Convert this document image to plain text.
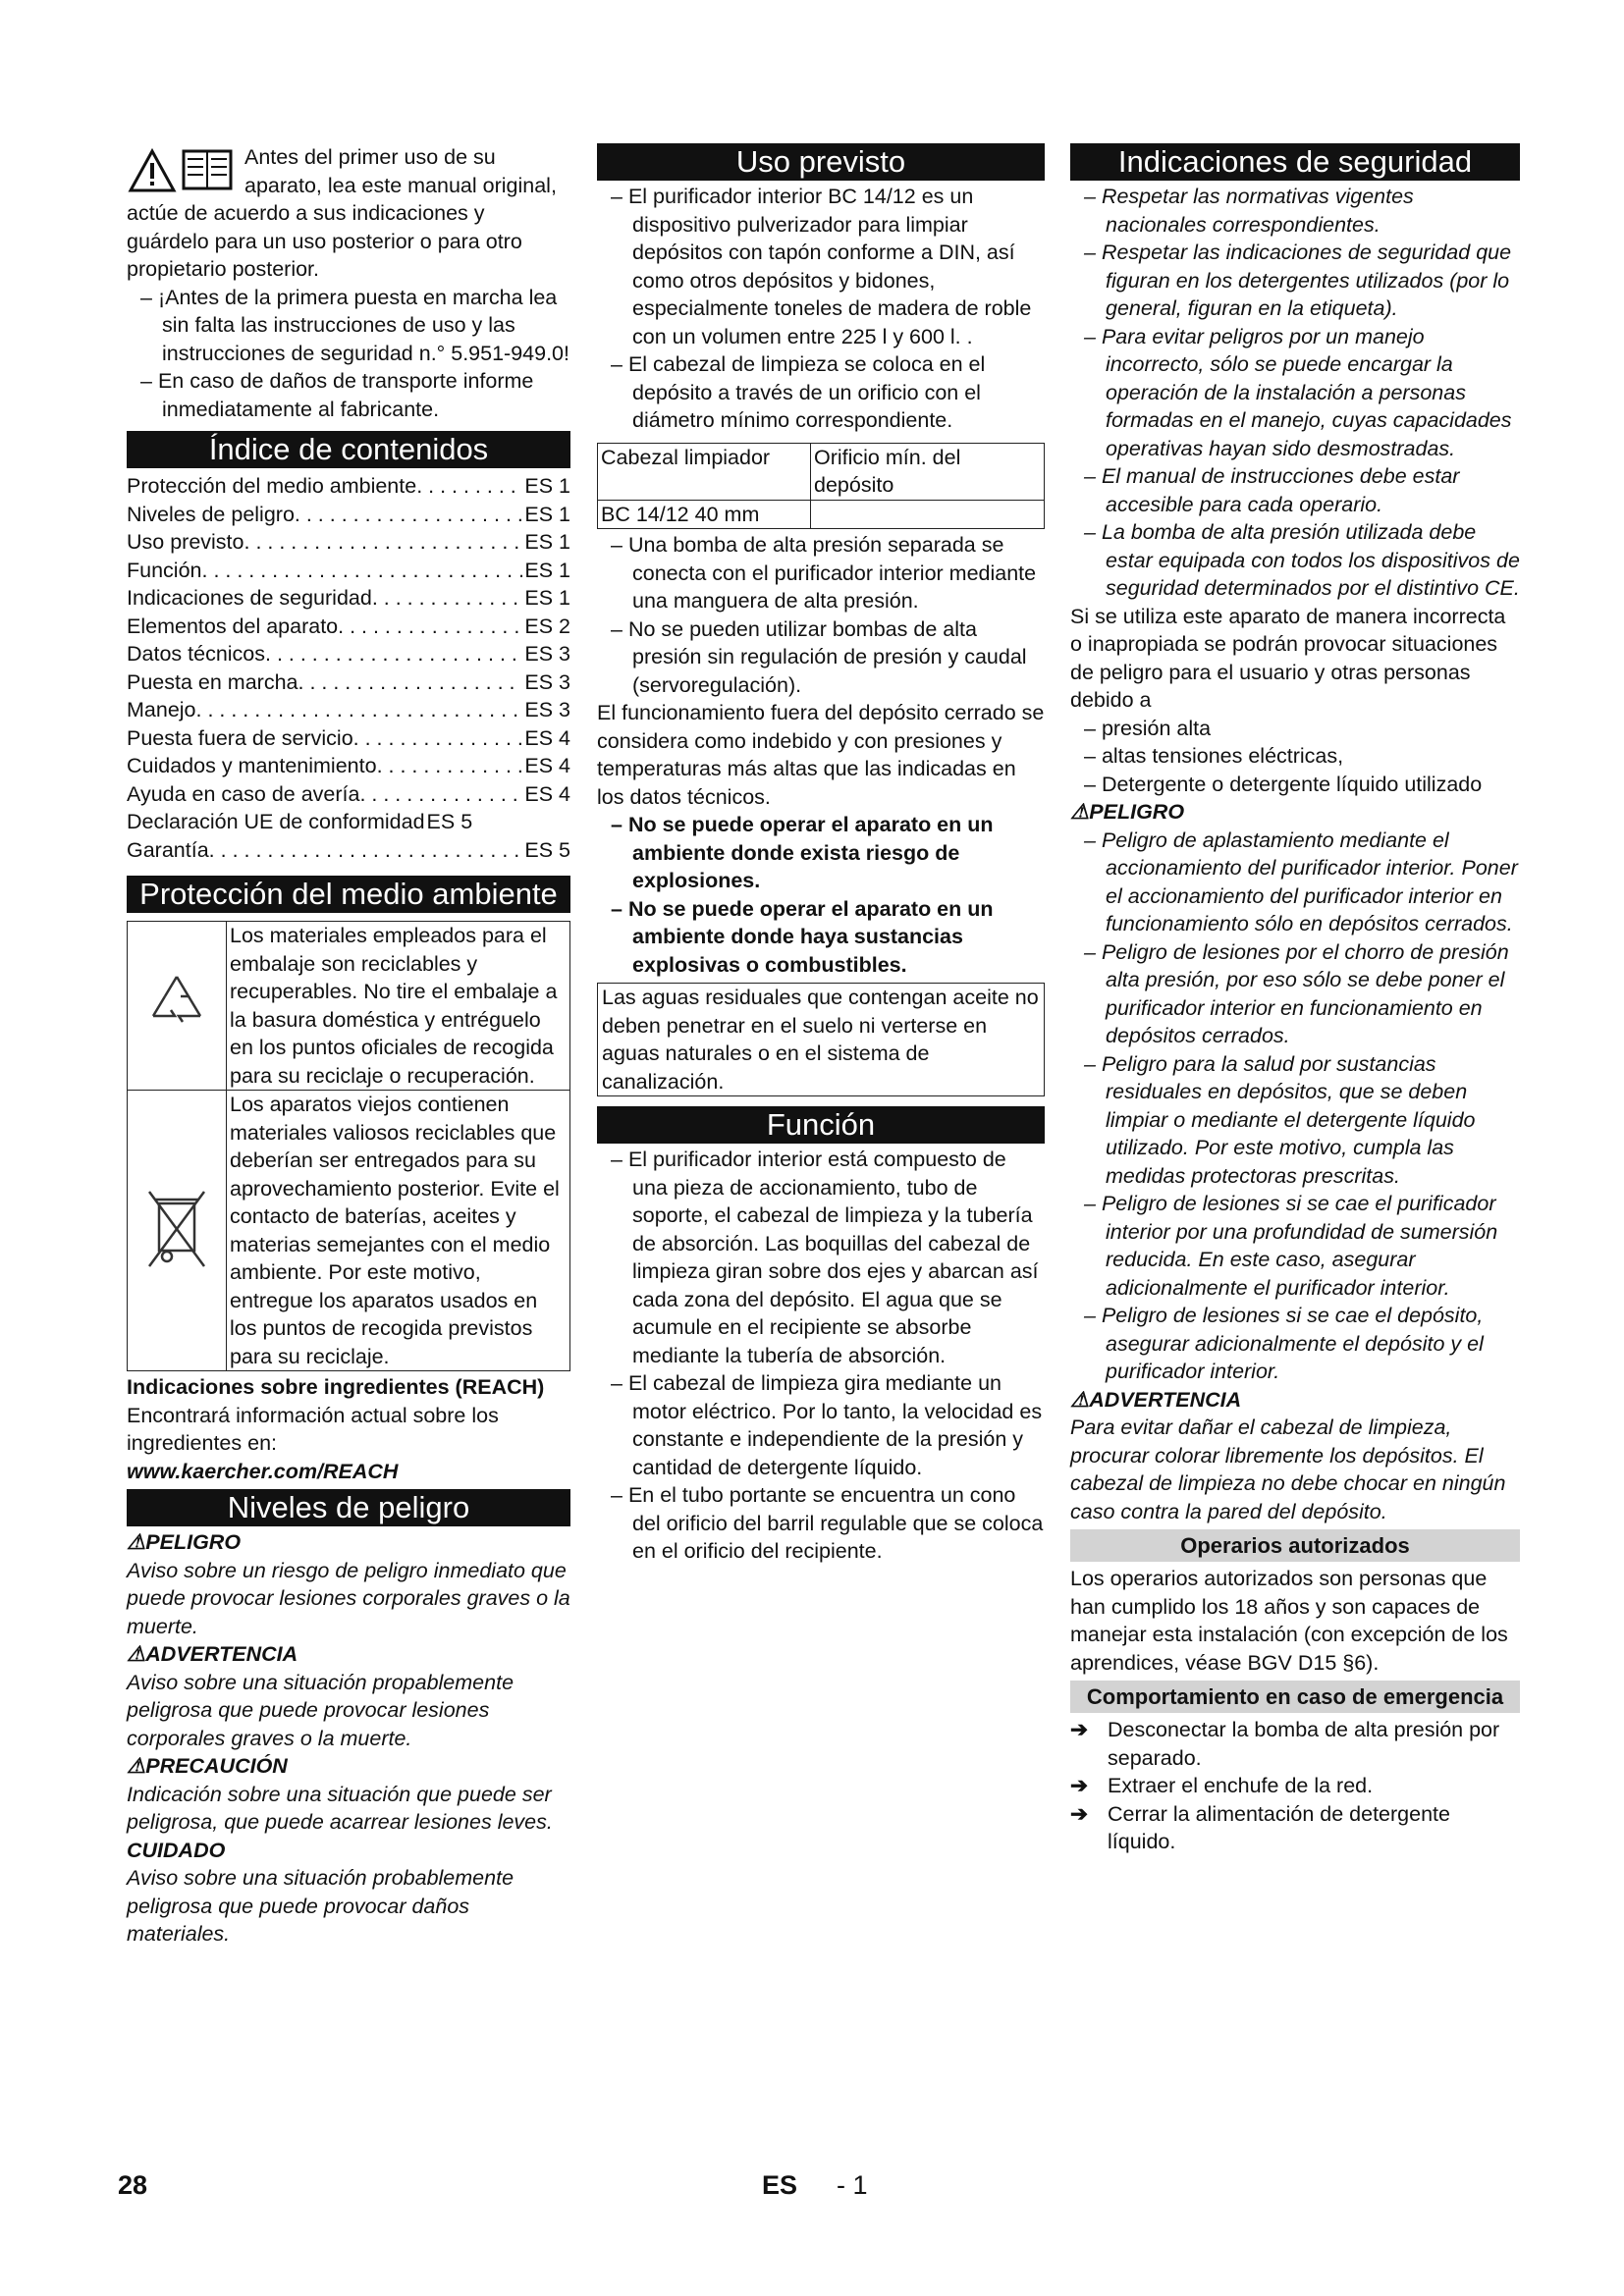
Antes del primer uso de su aparato, lea este manual original, actúe de acuerdo a sus indicaciones y guárdelo para un uso posterior o para otro propietario posterior.

– ¡Antes de la primera puesta en marcha lea sin falta las instrucciones de uso y las instrucciones de seguridad n.° 5.951-949.0!

– En caso de daños de transporte informe inmediatamente al fabricante.

Índice de contenidos
Protección del medio ambiente . . .	ES 1
Niveles de peligro . . .	ES 1
Uso previsto . . .	ES 1
Función . . .	ES 1
Indicaciones de seguridad . . .	ES 1
Elementos del aparato . . .	ES 2
Datos técnicos . . .	ES 3
Puesta en marcha . . .	ES 3
Manejo . . .	ES 3
Puesta fuera de servicio . . .	ES 4
Cuidados y mantenimiento . . .	ES 4
Ayuda en caso de avería . . .	ES 4
Declaración UE de conformidad ES 5
Garantía . . .	ES 5
Protección del medio ambiente
	Los materiales empleados para el embalaje son reciclables y recuperables. No tire el embalaje a la basura doméstica y entréguelo en los puntos oficiales de recogida para su reciclaje o recuperación.
	Los aparatos viejos contienen materiales valiosos reciclables que deberían ser entregados para su aprovechamiento posterior. Evite el contacto de baterías, aceites y materias semejantes con el medio ambiente. Por este motivo, entregue los aparatos usados en los puntos de recogida previstos para su reciclaje.

Indicaciones sobre ingredientes (REACH)

Encontrará información actual sobre los ingredientes en:

www.kaercher.com/REACH

Niveles de peligro

⚠PELIGRO

Aviso sobre un riesgo de peligro inmediato que puede provocar lesiones corporales graves o la muerte.

⚠ADVERTENCIA

Aviso sobre una situación propablemente peligrosa que puede provocar lesiones corporales graves o la muerte.

⚠PRECAUCIÓN

Indicación sobre una situación que puede ser peligrosa, que puede acarrear lesiones leves.

CUIDADO

Aviso sobre una situación probablemente peligrosa que puede provocar daños materiales.

Uso previsto

– El purificador interior BC 14/12 es un dispositivo pulverizador para limpiar depósitos con tapón conforme a DIN, así como otros depósitos y bidones, especialmente toneles de madera de roble con un volumen entre 225 l y 600 l. .

– El cabezal de limpieza se coloca en el depósito a través de un orificio con el diámetro mínimo correspondiente.

Cabezal limpiador	Orificio mín. del depósito
BC 14/12 40 mm	

– Una bomba de alta presión separada se conecta con el purificador interior mediante una manguera de alta presión.

– No se pueden utilizar bombas de alta presión sin regulación de presión y caudal (servoregulación).

El funcionamiento fuera del depósito cerrado se considera como indebido y con presiones y temperaturas más altas que las indicadas en los datos técnicos.

– No se puede operar el aparato en un ambiente donde exista riesgo de explosiones.

– No se puede operar el aparato en un ambiente donde haya sustancias explosivas o combustibles.

Las aguas residuales que contengan aceite no deben penetrar en el suelo ni verterse en aguas naturales o en el sistema de canalización.
Función

– El purificador interior está compuesto de una pieza de accionamiento, tubo de soporte, el cabezal de limpieza y la tubería de absorción. Las boquillas del cabezal de limpieza giran sobre dos ejes y abarcan así cada zona del depósito. El agua que se acumule en el recipiente se absorbe mediante la tubería de absorción.

– El cabezal de limpieza gira mediante un motor eléctrico. Por lo tanto, la velocidad es constante e independiente de la presión y cantidad de detergente líquido.

– En el tubo portante se encuentra un cono del orificio del barril regulable que se coloca en el orificio del recipiente.

Indicaciones de seguridad

– Respetar las normativas vigentes nacionales correspondientes.

– Respetar las indicaciones de seguridad que figuran en los detergentes utilizados (por lo general, figuran en la etiqueta).

– Para evitar peligros por un manejo incorrecto, sólo se puede encargar la operación de la instalación a personas formadas en el manejo, cuyas capacidades operativas hayan sido desmostradas.

– El manual de instrucciones debe estar accesible para cada operario.

– La bomba de alta presión utilizada debe estar equipada con todos los dispositivos de seguridad determinados por el distintivo CE.

Si se utiliza este aparato de manera incorrecta o inapropiada se podrán provocar situaciones de peligro para el usuario y otras personas debido a

– presión alta

– altas tensiones eléctricas,

– Detergente o detergente líquido utilizado

⚠PELIGRO

– Peligro de aplastamiento mediante el accionamiento del purificador interior. Poner el accionamiento del purificador interior en funcionamiento sólo en depósitos cerrados.

– Peligro de lesiones por el chorro de presión alta presión, por eso sólo se debe poner el purificador interior en funcionamiento en depósitos cerrados.

– Peligro para la salud por sustancias residuales en depósitos, que se deben limpiar o mediante el detergente líquido utilizado. Por este motivo, cumpla las medidas protectoras prescritas.

– Peligro de lesiones si se cae el purificador interior por una profundidad de sumersión reducida. En este caso, asegurar adicionalmente el purificador interior.

– Peligro de lesiones si se cae el depósito, asegurar adicionalmente el depósito y el purificador interior.

⚠ADVERTENCIA

Para evitar dañar el cabezal de limpieza, procurar colorar libremente los depósitos. El cabezal de limpieza no debe chocar en ningún caso contra la pared del depósito.

Operarios autorizados

Los operarios autorizados son personas que han cumplido los 18 años y son capaces de manejar esta instalación (con excepción de los aprendices, véase BGV D15 §6).

Comportamiento en caso de emergencia

➔ Desconectar la bomba de alta presión por separado.

➔ Extraer el enchufe de la red.

➔ Cerrar la alimentación de detergente líquido.

28	ES - 1
